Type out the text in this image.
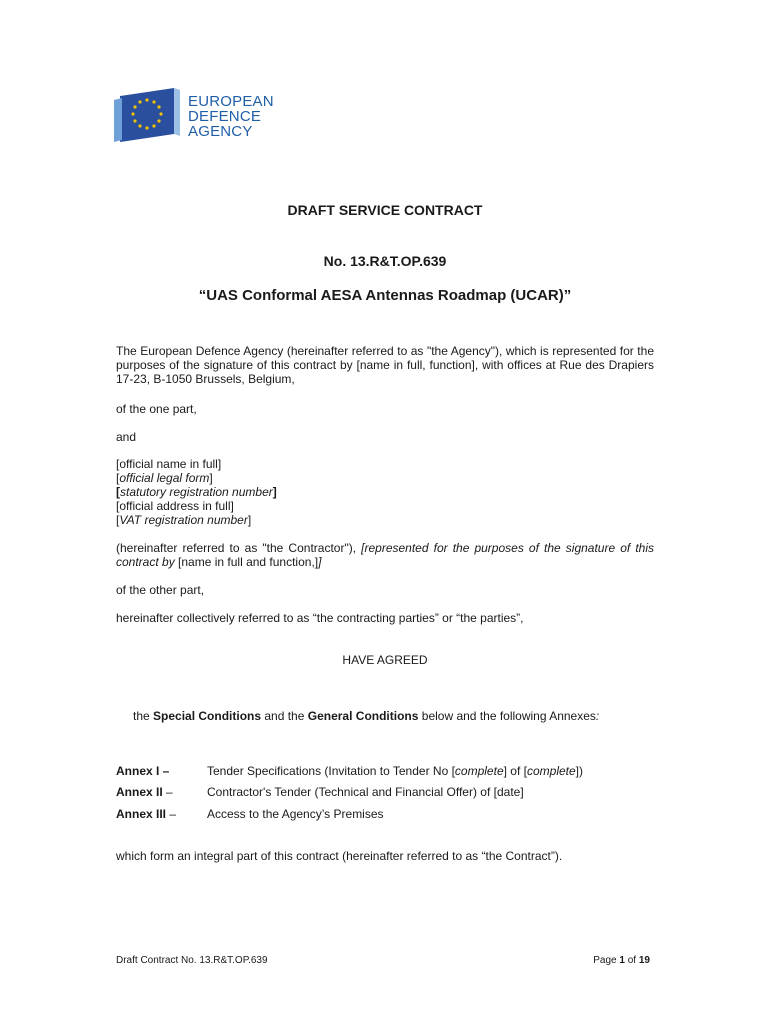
EUROPEAN
DEFENCE
AGENCY
DRAFT SERVICE CONTRACT
No. 13.R&T.OP.639
“UAS Conformal AESA Antennas Roadmap (UCAR)”
The European Defence Agency (hereinafter referred to as "the Agency"), which is represented for the purposes of the signature of this contract by [name in full, function], with offices at Rue des Drapiers 17-23, B-1050 Brussels, Belgium,
of the one part,
and
[official name in full]
[official legal form]
[statutory registration number]
[official address in full]
[VAT registration number]
(hereinafter referred to as "the Contractor"), [represented for the purposes of the signature of this contract by [name in full and function,]]
of the other part,
hereinafter collectively referred to as “the contracting parties” or “the parties”,
HAVE AGREED
the Special Conditions and the General Conditions below and the following Annexes:
Annex I –	Tender Specifications (Invitation to Tender No [complete] of [complete])
Annex II –	Contractor's Tender (Technical and Financial Offer) of [date]
Annex III –	Access to the Agency’s Premises
which form an integral part of this contract (hereinafter referred to as “the Contract”).
Draft Contract No. 13.R&T.OP.639	Page 1 of 19
